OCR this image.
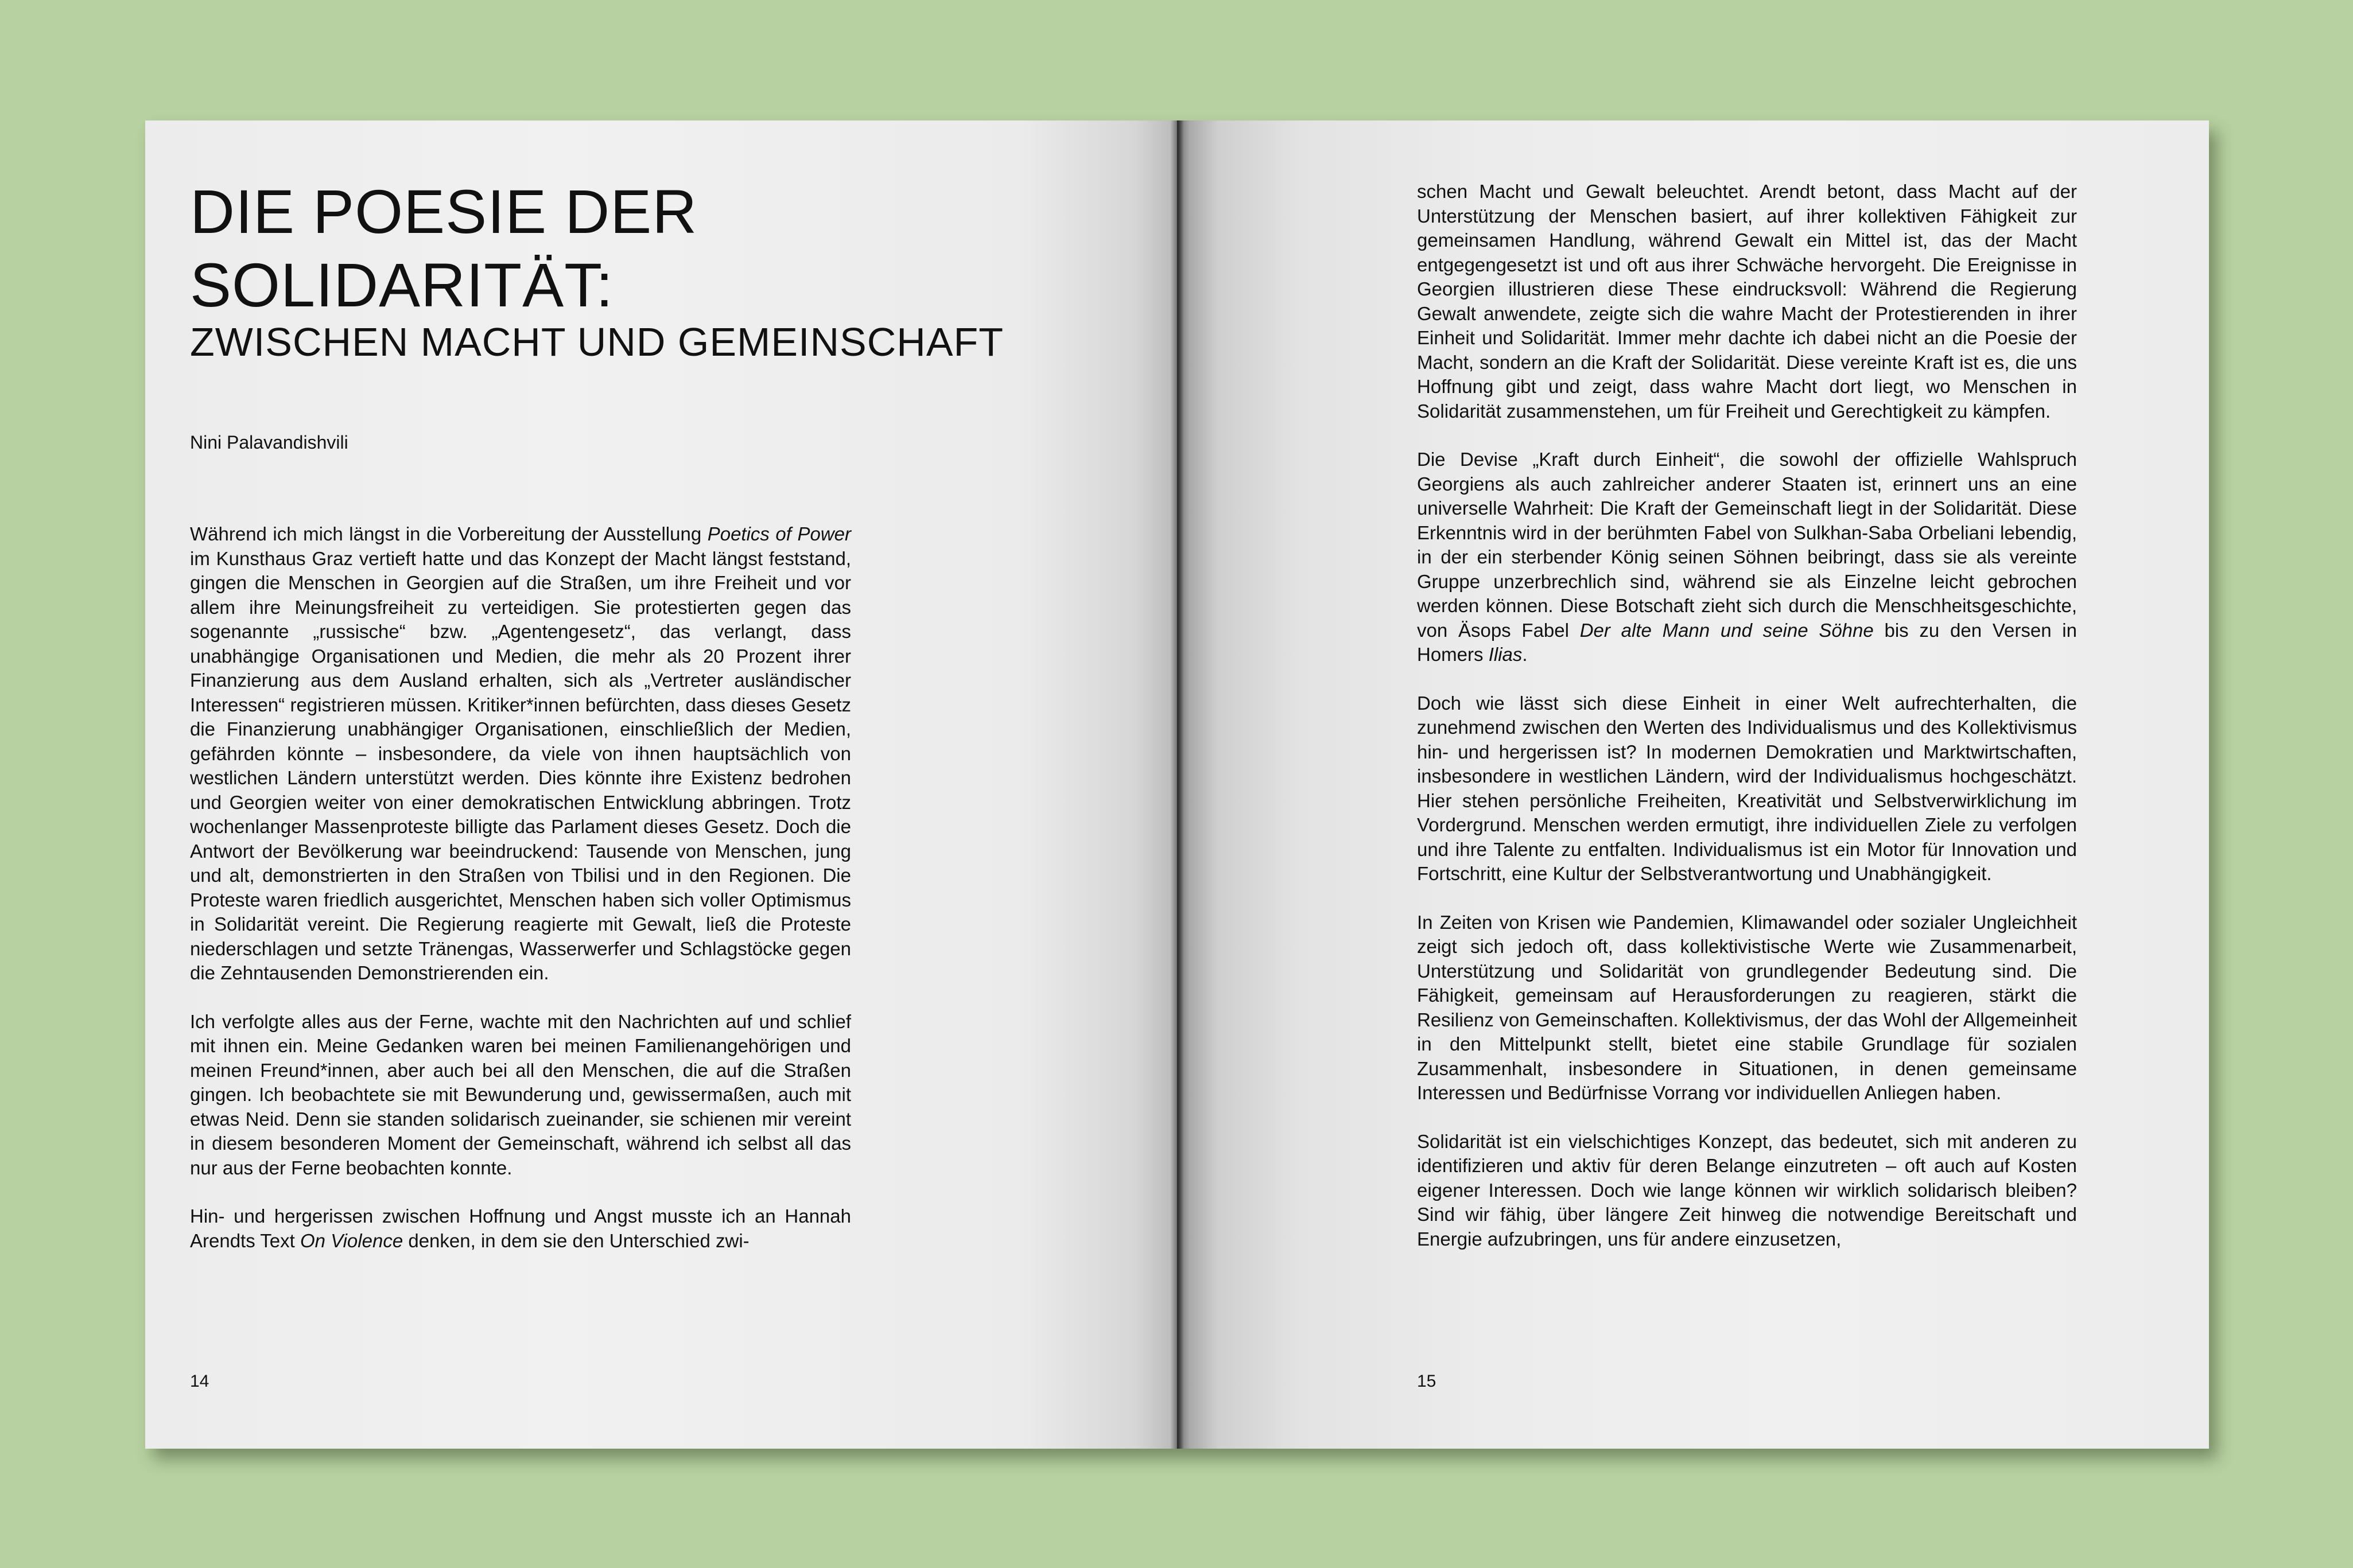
DIE POESIE DER SOLIDARITÄT:
ZWISCHEN MACHT UND GEMEINSCHAFT
Nini Palavandishvili

Während ich mich längst in die Vorbereitung der Ausstellung Poetics of Power im Kunsthaus Graz vertieft hatte und das Konzept der Macht längst feststand, gingen die Menschen in Georgien auf die Straßen, um ihre Freiheit und vor allem ihre Meinungsfreiheit zu verteidigen. Sie protestierten gegen das sogenannte „russische“ bzw. „Agentengesetz“, das verlangt, dass unabhängige Organisationen und Medien, die mehr als 20 Prozent ihrer Finanzierung aus dem Ausland erhalten, sich als „Vertreter ausländischer Interessen“ registrieren müssen. Kritiker*innen befürchten, dass dieses Gesetz die Finanzierung unabhängiger Organisationen, einschließlich der Medien, gefährden könnte – insbesondere, da viele von ihnen hauptsächlich von westlichen Ländern unterstützt werden. Dies könnte ihre Existenz bedrohen und Georgien weiter von einer demokratischen Entwicklung abbringen. Trotz wochenlanger Massenproteste billigte das Parlament dieses Gesetz. Doch die Antwort der Bevölkerung war beeindruckend: Tausende von Menschen, jung und alt, demonstrierten in den Straßen von Tbilisi und in den Regionen. Die Proteste waren friedlich ausgerichtet, Menschen haben sich voller Optimismus in Solidarität vereint. Die Regierung reagierte mit Gewalt, ließ die Proteste niederschlagen und setzte Tränengas, Wasserwerfer und Schlagstöcke gegen die Zehntausenden Demonstrierenden ein.

Ich verfolgte alles aus der Ferne, wachte mit den Nachrichten auf und schlief mit ihnen ein. Meine Gedanken waren bei meinen Familienangehörigen und meinen Freund*innen, aber auch bei all den Menschen, die auf die Straßen gingen. Ich beobachtete sie mit Bewunderung und, gewissermaßen, auch mit etwas Neid. Denn sie standen solidarisch zueinander, sie schienen mir vereint in diesem besonderen Moment der Gemeinschaft, während ich selbst all das nur aus der Ferne beobachten konnte.

Hin- und hergerissen zwischen Hoffnung und Angst musste ich an Hannah Arendts Text On Violence denken, in dem sie den Unterschied zwi-

14

schen Macht und Gewalt beleuchtet. Arendt betont, dass Macht auf der Unterstützung der Menschen basiert, auf ihrer kollektiven Fähigkeit zur gemeinsamen Handlung, während Gewalt ein Mittel ist, das der Macht entgegengesetzt ist und oft aus ihrer Schwäche hervorgeht. Die Ereignisse in Georgien illustrieren diese These eindrucksvoll: Während die Regierung Gewalt anwendete, zeigte sich die wahre Macht der Protestierenden in ihrer Einheit und Solidarität. Immer mehr dachte ich dabei nicht an die Poesie der Macht, sondern an die Kraft der Solidarität. Diese vereinte Kraft ist es, die uns Hoffnung gibt und zeigt, dass wahre Macht dort liegt, wo Menschen in Solidarität zusammenstehen, um für Freiheit und Gerechtigkeit zu kämpfen.

Die Devise „Kraft durch Einheit“, die sowohl der offizielle Wahlspruch Georgiens als auch zahlreicher anderer Staaten ist, erinnert uns an eine universelle Wahrheit: Die Kraft der Gemeinschaft liegt in der Solidarität. Diese Erkenntnis wird in der berühmten Fabel von Sulkhan-Saba Orbeliani lebendig, in der ein sterbender König seinen Söhnen beibringt, dass sie als vereinte Gruppe unzerbrechlich sind, während sie als Einzelne leicht gebrochen werden können. Diese Botschaft zieht sich durch die Menschheitsgeschichte, von Äsops Fabel Der alte Mann und seine Söhne bis zu den Versen in Homers Ilias.

Doch wie lässt sich diese Einheit in einer Welt aufrechterhalten, die zunehmend zwischen den Werten des Individualismus und des Kollektivismus hin- und hergerissen ist? In modernen Demokratien und Marktwirtschaften, insbesondere in westlichen Ländern, wird der Individualismus hochgeschätzt. Hier stehen persönliche Freiheiten, Kreativität und Selbstverwirklichung im Vordergrund. Menschen werden ermutigt, ihre individuellen Ziele zu verfolgen und ihre Talente zu entfalten. Individualismus ist ein Motor für Innovation und Fortschritt, eine Kultur der Selbstverantwortung und Unabhängigkeit.

In Zeiten von Krisen wie Pandemien, Klimawandel oder sozialer Ungleichheit zeigt sich jedoch oft, dass kollektivistische Werte wie Zusammenarbeit, Unterstützung und Solidarität von grundlegender Bedeutung sind. Die Fähigkeit, gemeinsam auf Herausforderungen zu reagieren, stärkt die Resilienz von Gemeinschaften. Kollektivismus, der das Wohl der Allgemeinheit in den Mittelpunkt stellt, bietet eine stabile Grundlage für sozialen Zusammenhalt, insbesondere in Situationen, in denen gemeinsame Interessen und Bedürfnisse Vorrang vor individuellen Anliegen haben.

Solidarität ist ein vielschichtiges Konzept, das bedeutet, sich mit anderen zu identifizieren und aktiv für deren Belange einzutreten – oft auch auf Kosten eigener Interessen. Doch wie lange können wir wirklich solidarisch bleiben? Sind wir fähig, über längere Zeit hinweg die notwendige Bereitschaft und Energie aufzubringen, uns für andere einzusetzen,

15
